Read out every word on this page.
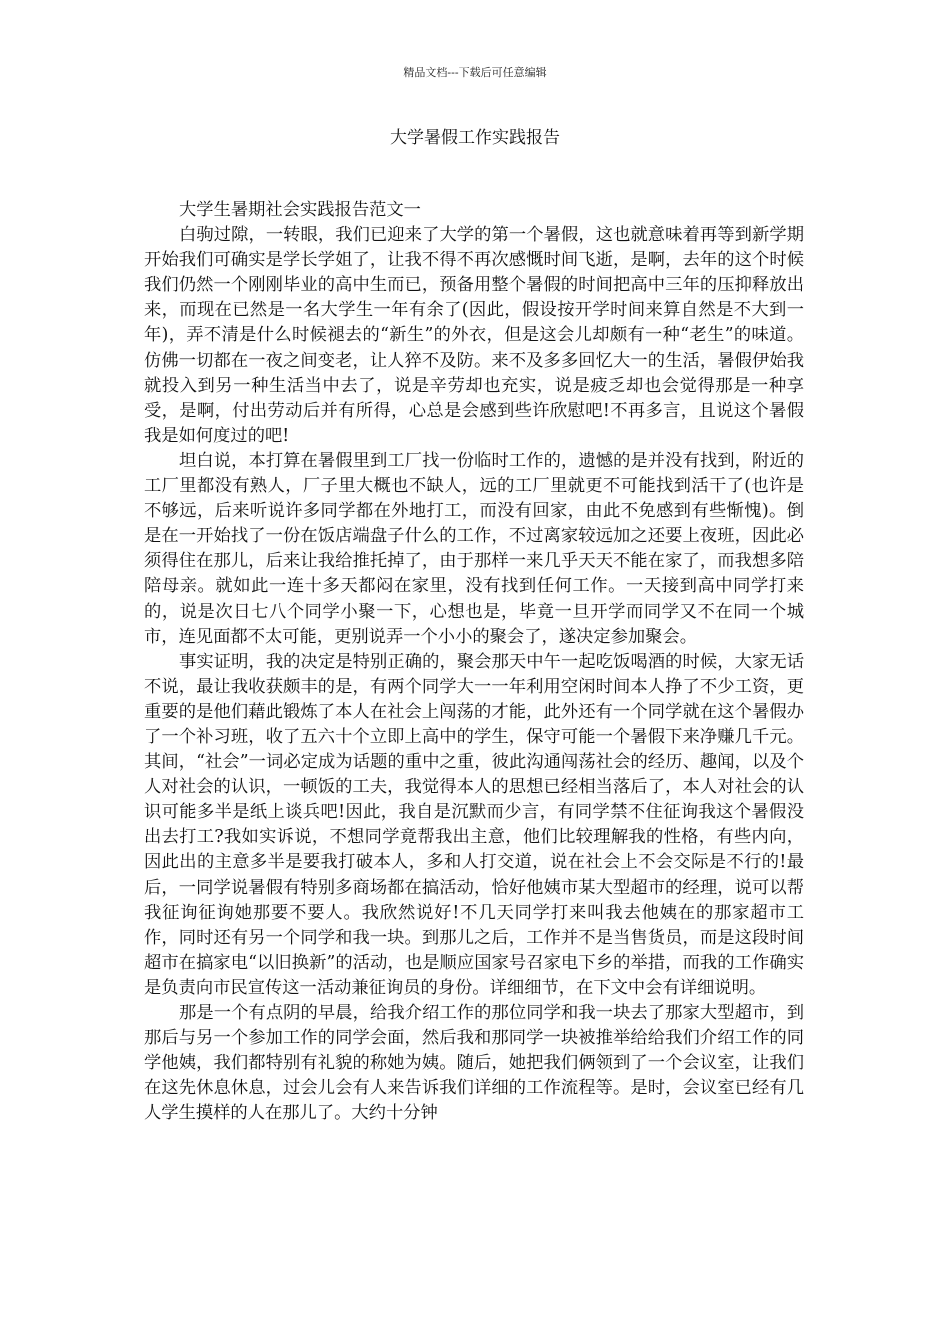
精品文档---下载后可任意编辑
大学暑假工作实践报告

大学生暑期社会实践报告范文一

白驹过隙，一转眼，我们已迎来了大学的第一个暑假，这也就意味着再等到新学期开始我们可确实是学长学姐了，让我不得不再次感慨时间飞逝，是啊，去年的这个时候我们仍然一个刚刚毕业的高中生而已，预备用整个暑假的时间把高中三年的压抑释放出来，而现在已然是一名大学生一年有余了(因此，假设按开学时间来算自然是不大到一年)，弄不清是什么时候褪去的“新生”的外衣，但是这会儿却颇有一种“老生”的味道。仿佛一切都在一夜之间变老，让人猝不及防。来不及多多回忆大一的生活，暑假伊始我就投入到另一种生活当中去了，说是辛劳却也充实，说是疲乏却也会觉得那是一种享受，是啊，付出劳动后并有所得，心总是会感到些许欣慰吧!不再多言，且说这个暑假我是如何度过的吧!

坦白说，本打算在暑假里到工厂找一份临时工作的，遗憾的是并没有找到，附近的工厂里都没有熟人，厂子里大概也不缺人，远的工厂里就更不可能找到活干了(也许是不够远，后来听说许多同学都在外地打工，而没有回家，由此不免感到有些惭愧)。倒是在一开始找了一份在饭店端盘子什么的工作，不过离家较远加之还要上夜班，因此必须得住在那儿，后来让我给推托掉了，由于那样一来几乎天天不能在家了，而我想多陪陪母亲。就如此一连十多天都闷在家里，没有找到任何工作。一天接到高中同学打来的，说是次日七八个同学小聚一下，心想也是，毕竟一旦开学而同学又不在同一个城市，连见面都不太可能，更别说弄一个小小的聚会了，遂决定参加聚会。

事实证明，我的决定是特别正确的，聚会那天中午一起吃饭喝酒的时候，大家无话不说，最让我收获颇丰的是，有两个同学大一一年利用空闲时间本人挣了不少工资，更重要的是他们藉此锻炼了本人在社会上闯荡的才能，此外还有一个同学就在这个暑假办了一个补习班，收了五六十个立即上高中的学生，保守可能一个暑假下来净赚几千元。其间，“社会”一词必定成为话题的重中之重，彼此沟通闯荡社会的经历、趣闻，以及个人对社会的认识，一顿饭的工夫，我觉得本人的思想已经相当落后了，本人对社会的认识可能多半是纸上谈兵吧!因此，我自是沉默而少言，有同学禁不住征询我这个暑假没出去打工?我如实诉说，不想同学竟帮我出主意，他们比较理解我的性格，有些内向，因此出的主意多半是要我打破本人，多和人打交道，说在社会上不会交际是不行的!最后，一同学说暑假有特别多商场都在搞活动，恰好他姨市某大型超市的经理，说可以帮我征询征询她那要不要人。我欣然说好!不几天同学打来叫我去他姨在的那家超市工作，同时还有另一个同学和我一块。到那儿之后，工作并不是当售货员，而是这段时间超市在搞家电“以旧换新”的活动，也是顺应国家号召家电下乡的举措，而我的工作确实是负责向市民宣传这一活动兼征询员的身份。详细细节，在下文中会有详细说明。

那是一个有点阴的早晨，给我介绍工作的那位同学和我一块去了那家大型超市，到那后与另一个参加工作的同学会面，然后我和那同学一块被推举给给我们介绍工作的同学他姨，我们都特别有礼貌的称她为姨。随后，她把我们俩领到了一个会议室，让我们在这先休息休息，过会儿会有人来告诉我们详细的工作流程等。是时，会议室已经有几人学生摸样的人在那儿了。大约十分钟
